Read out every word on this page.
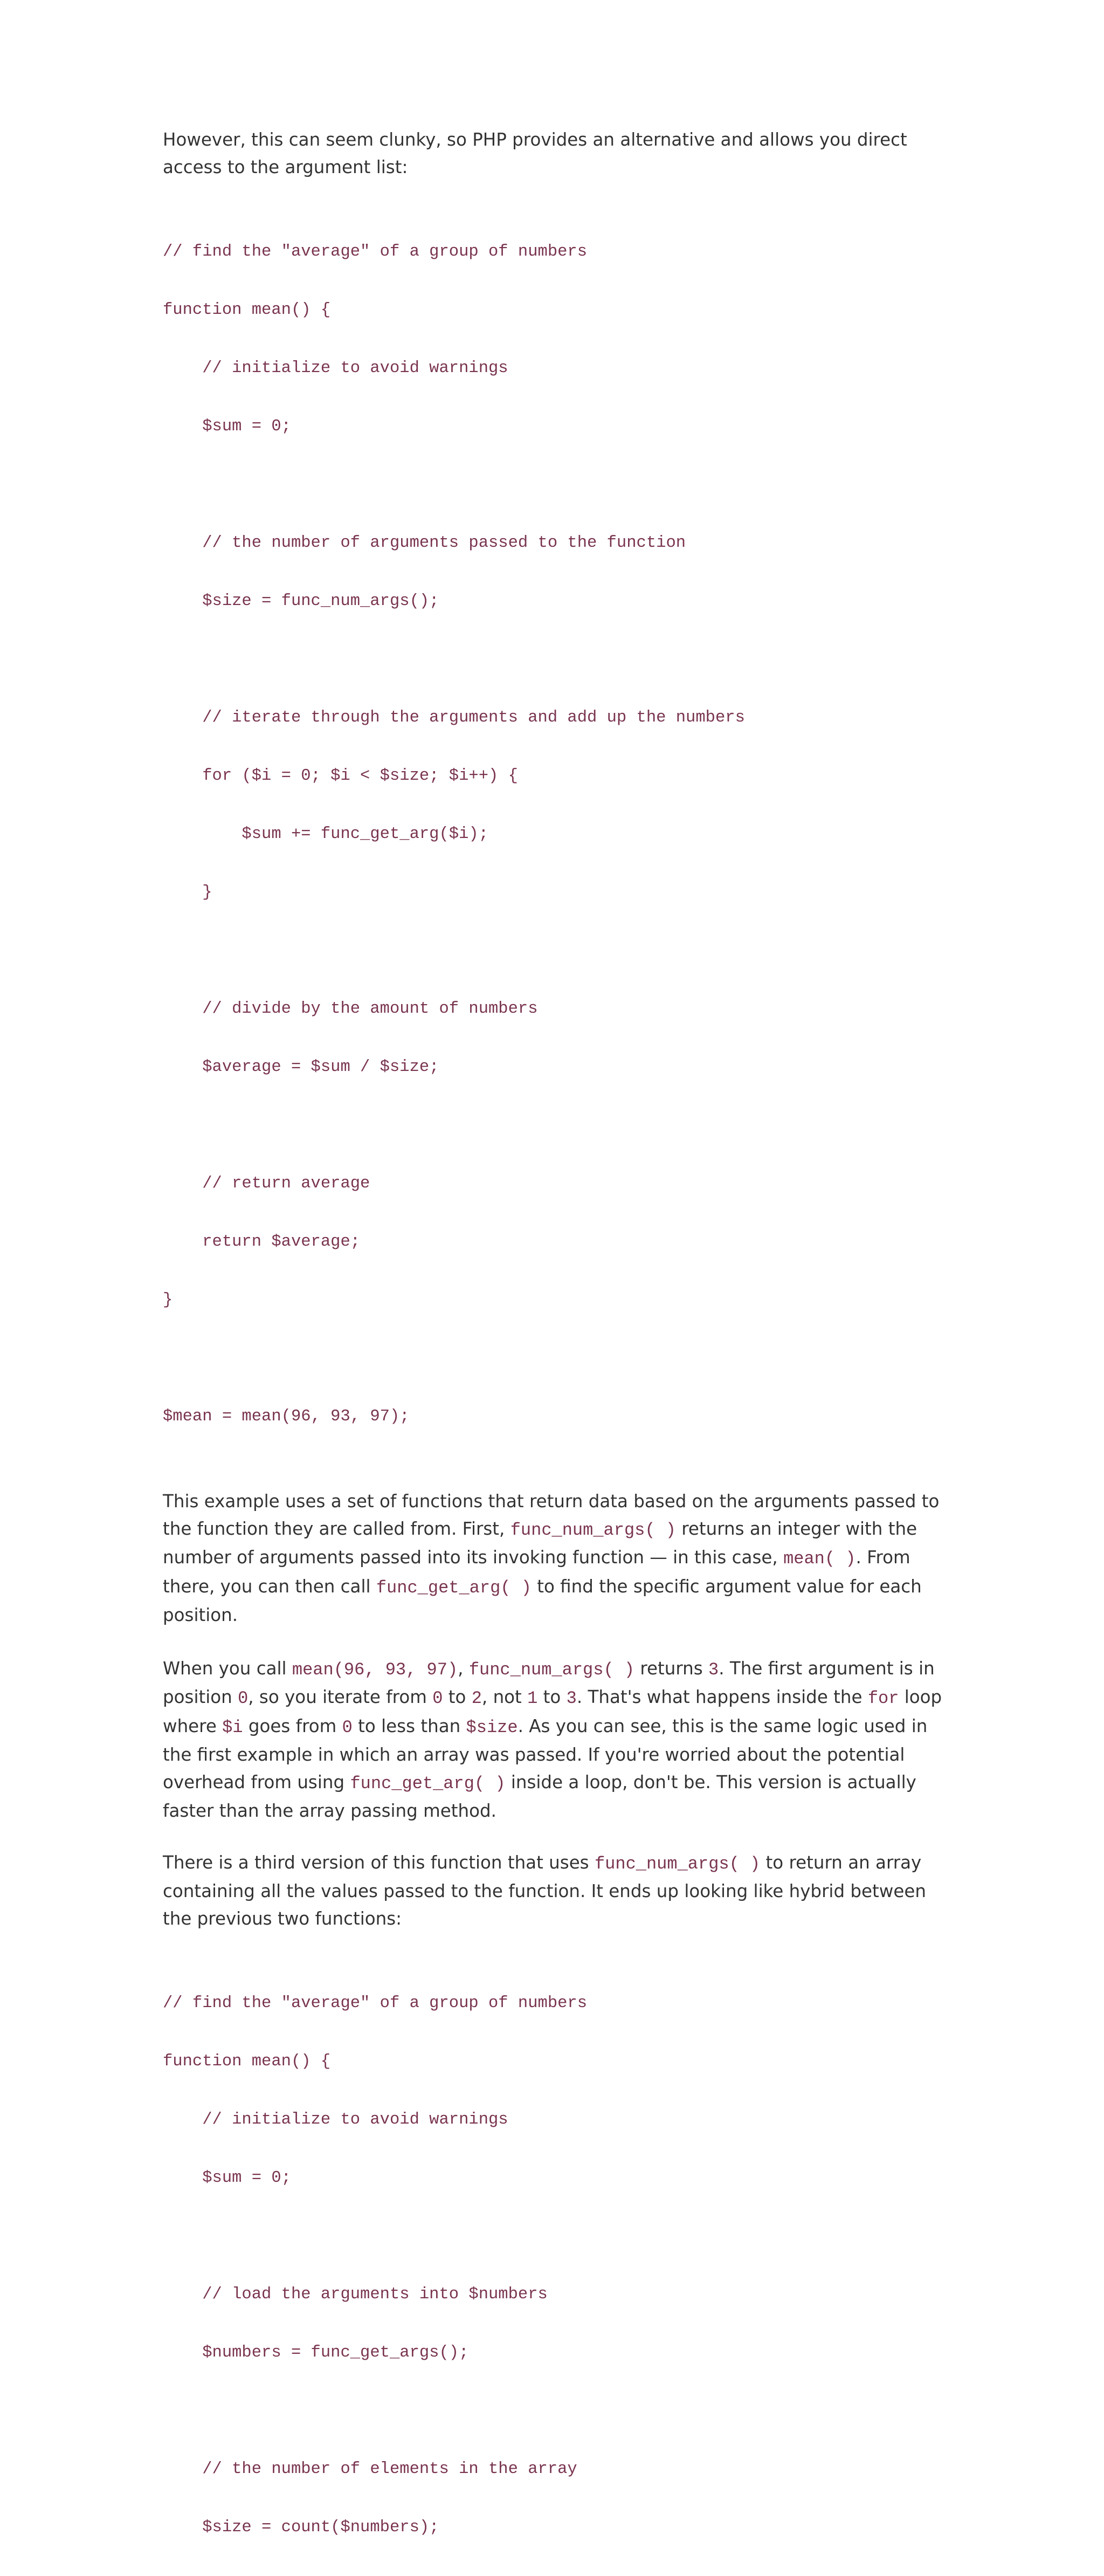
However, this can seem clunky, so PHP provides an alternative and allows you direct access to the argument list:

// find the "average" of a group of numbers

function mean() {

// initialize to avoid warnings

$sum = 0;

// the number of arguments passed to the function

$size = func_num_args();

// iterate through the arguments and add up the numbers

for ($i = 0; $i < $size; $i++) {

$sum += func_get_arg($i);

}

// divide by the amount of numbers

$average = $sum / $size;

// return average

return $average;

}

$mean = mean(96, 93, 97);

This example uses a set of functions that return data based on the arguments passed to the function they are called from. First, func_num_args( ) returns an integer with the number of arguments passed into its invoking function — in this case, mean( ). From there, you can then call func_get_arg( ) to find the specific argument value for each position.

When you call mean(96, 93, 97), func_num_args( ) returns 3. The first argument is in position 0, so you iterate from 0 to 2, not 1 to 3. That's what happens inside the for loop where $i goes from 0 to less than $size. As you can see, this is the same logic used in the first example in which an array was passed. If you're worried about the potential overhead from using func_get_arg( ) inside a loop, don't be. This version is actually faster than the array passing method.

There is a third version of this function that uses func_num_args( ) to return an array containing all the values passed to the function. It ends up looking like hybrid between the previous two functions:

// find the "average" of a group of numbers

function mean() {

// initialize to avoid warnings

$sum = 0;

// load the arguments into $numbers

$numbers = func_get_args();

// the number of elements in the array

$size = count($numbers);
